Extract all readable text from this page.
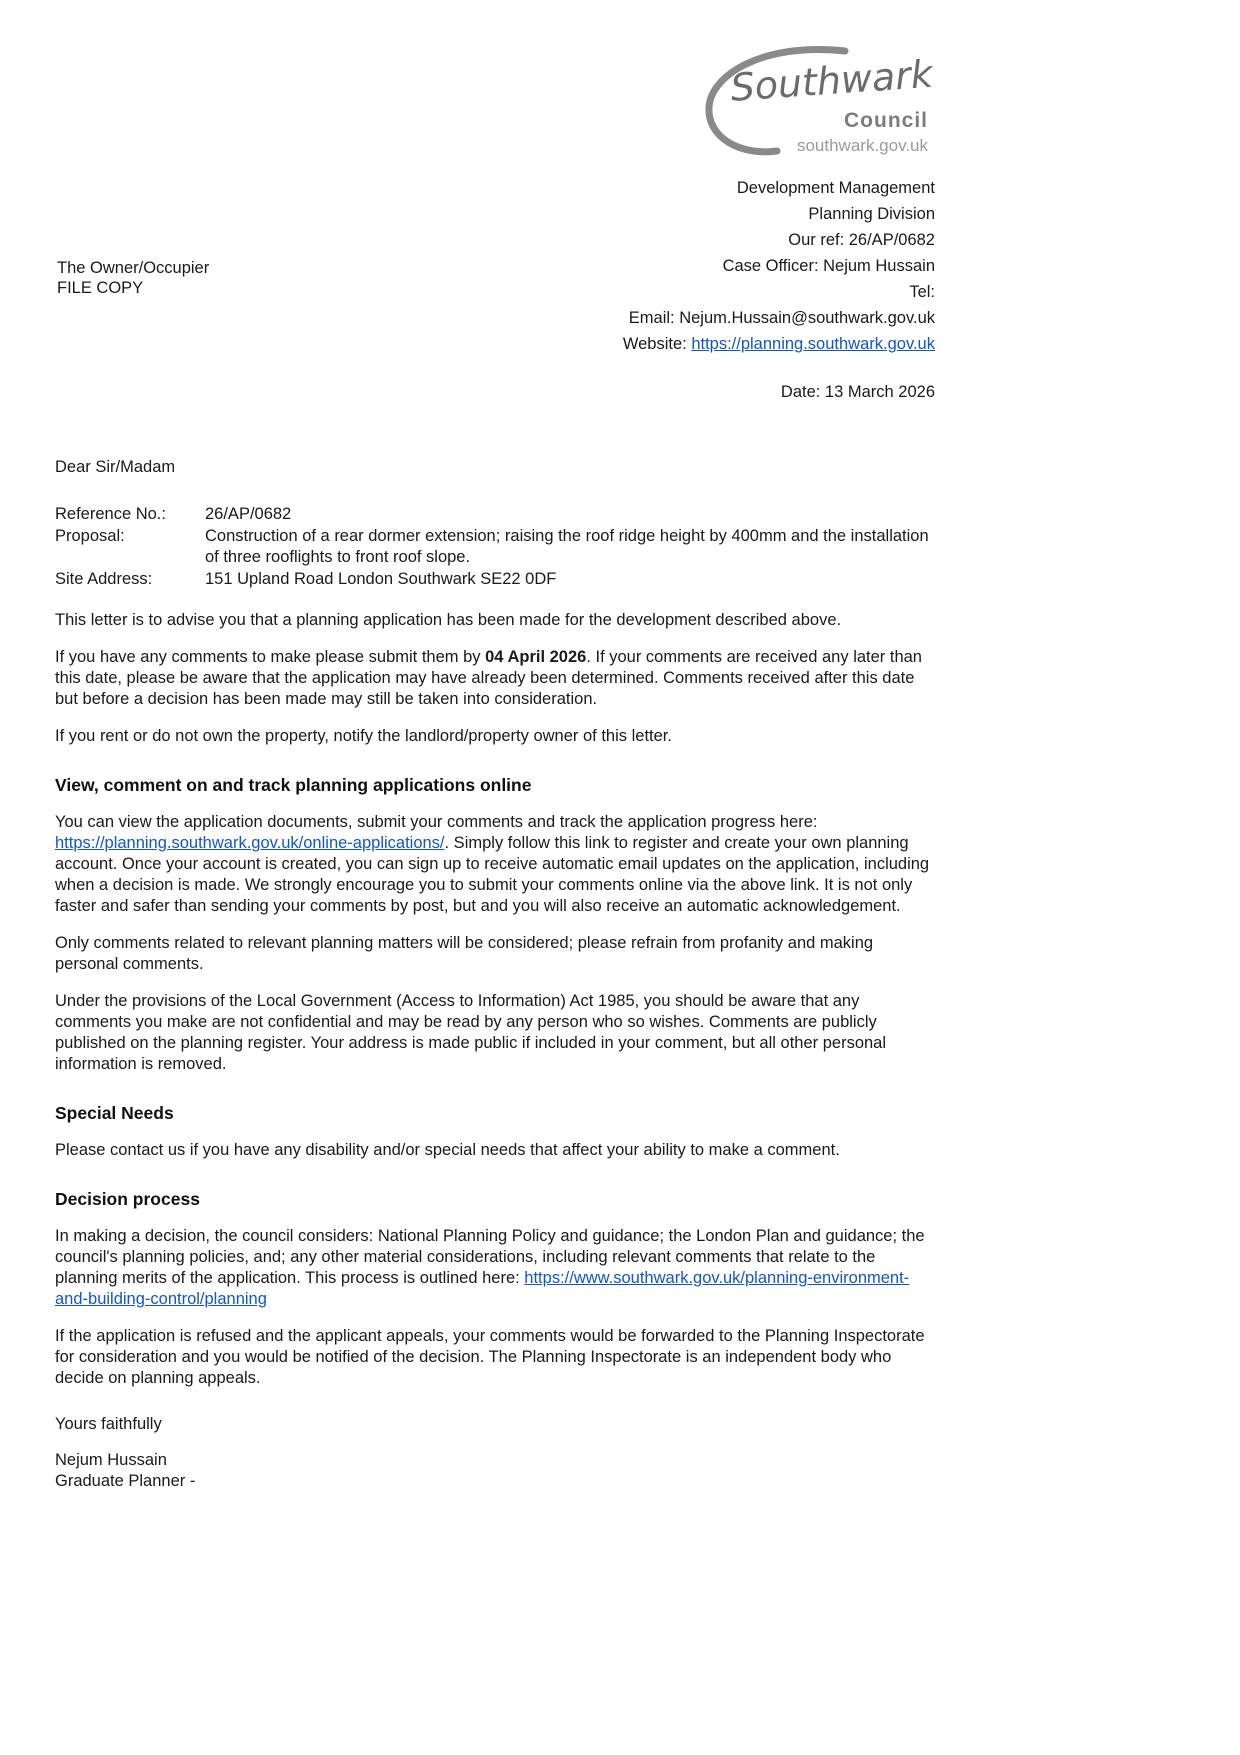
Southwark
Council
southwark.gov.uk
Development Management
Planning Division
Our ref: 26/AP/0682
Case Officer: Nejum Hussain
Tel:
Email: Nejum.Hussain@southwark.gov.uk
Website: https://planning.southwark.gov.uk
The Owner/Occupier
FILE COPY
Date: 13 March 2026
Dear Sir/Madam
Reference No.:	26/AP/0682
Proposal:	Construction of a rear dormer extension; raising the roof ridge height by 400mm and the installation of three rooflights to front roof slope.
Site Address:	151 Upland Road London Southwark SE22 0DF

This letter is to advise you that a planning application has been made for the development described above.

If you have any comments to make please submit them by 04 April 2026. If your comments are received any later than this date, please be aware that the application may have already been determined. Comments received after this date but before a decision has been made may still be taken into consideration.

If you rent or do not own the property, notify the landlord/property owner of this letter.

View, comment on and track planning applications online

You can view the application documents, submit your comments and track the application progress here: https://planning.southwark.gov.uk/online-applications/. Simply follow this link to register and create your own planning account. Once your account is created, you can sign up to receive automatic email updates on the application, including when a decision is made. We strongly encourage you to submit your comments online via the above link. It is not only faster and safer than sending your comments by post, but and you will also receive an automatic acknowledgement.

Only comments related to relevant planning matters will be considered; please refrain from profanity and making personal comments.

Under the provisions of the Local Government (Access to Information) Act 1985, you should be aware that any comments you make are not confidential and may be read by any person who so wishes. Comments are publicly published on the planning register. Your address is made public if included in your comment, but all other personal information is removed.

Special Needs

Please contact us if you have any disability and/or special needs that affect your ability to make a comment.

Decision process

In making a decision, the council considers: National Planning Policy and guidance; the London Plan and guidance; the council's planning policies, and; any other material considerations, including relevant comments that relate to the planning merits of the application. This process is outlined here: https://www.southwark.gov.uk/planning-environment-and-building-control/planning

If the application is refused and the applicant appeals, your comments would be forwarded to the Planning Inspectorate for consideration and you would be notified of the decision. The Planning Inspectorate is an independent body who decide on planning appeals.

Yours faithfully
Nejum Hussain
Graduate Planner -
